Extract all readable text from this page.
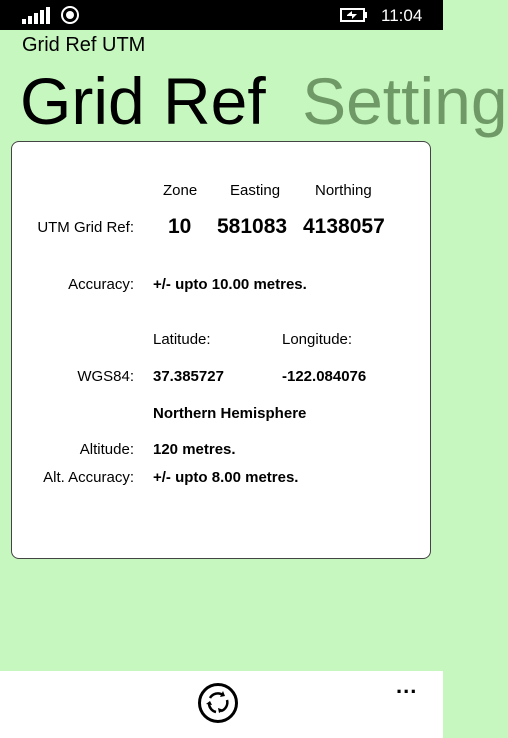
11:04
Grid Ref UTM
Grid Ref Setting
Zone Easting Northing
UTM Grid Ref: 10 581083 4138057
Accuracy: +/- upto 10.00 metres.
Latitude:	Longitude:
WGS84: 37.385727	-122.084076
Northern Hemisphere
Altitude: 120 metres.
Alt. Accuracy: +/- upto 8.00 metres.
...
